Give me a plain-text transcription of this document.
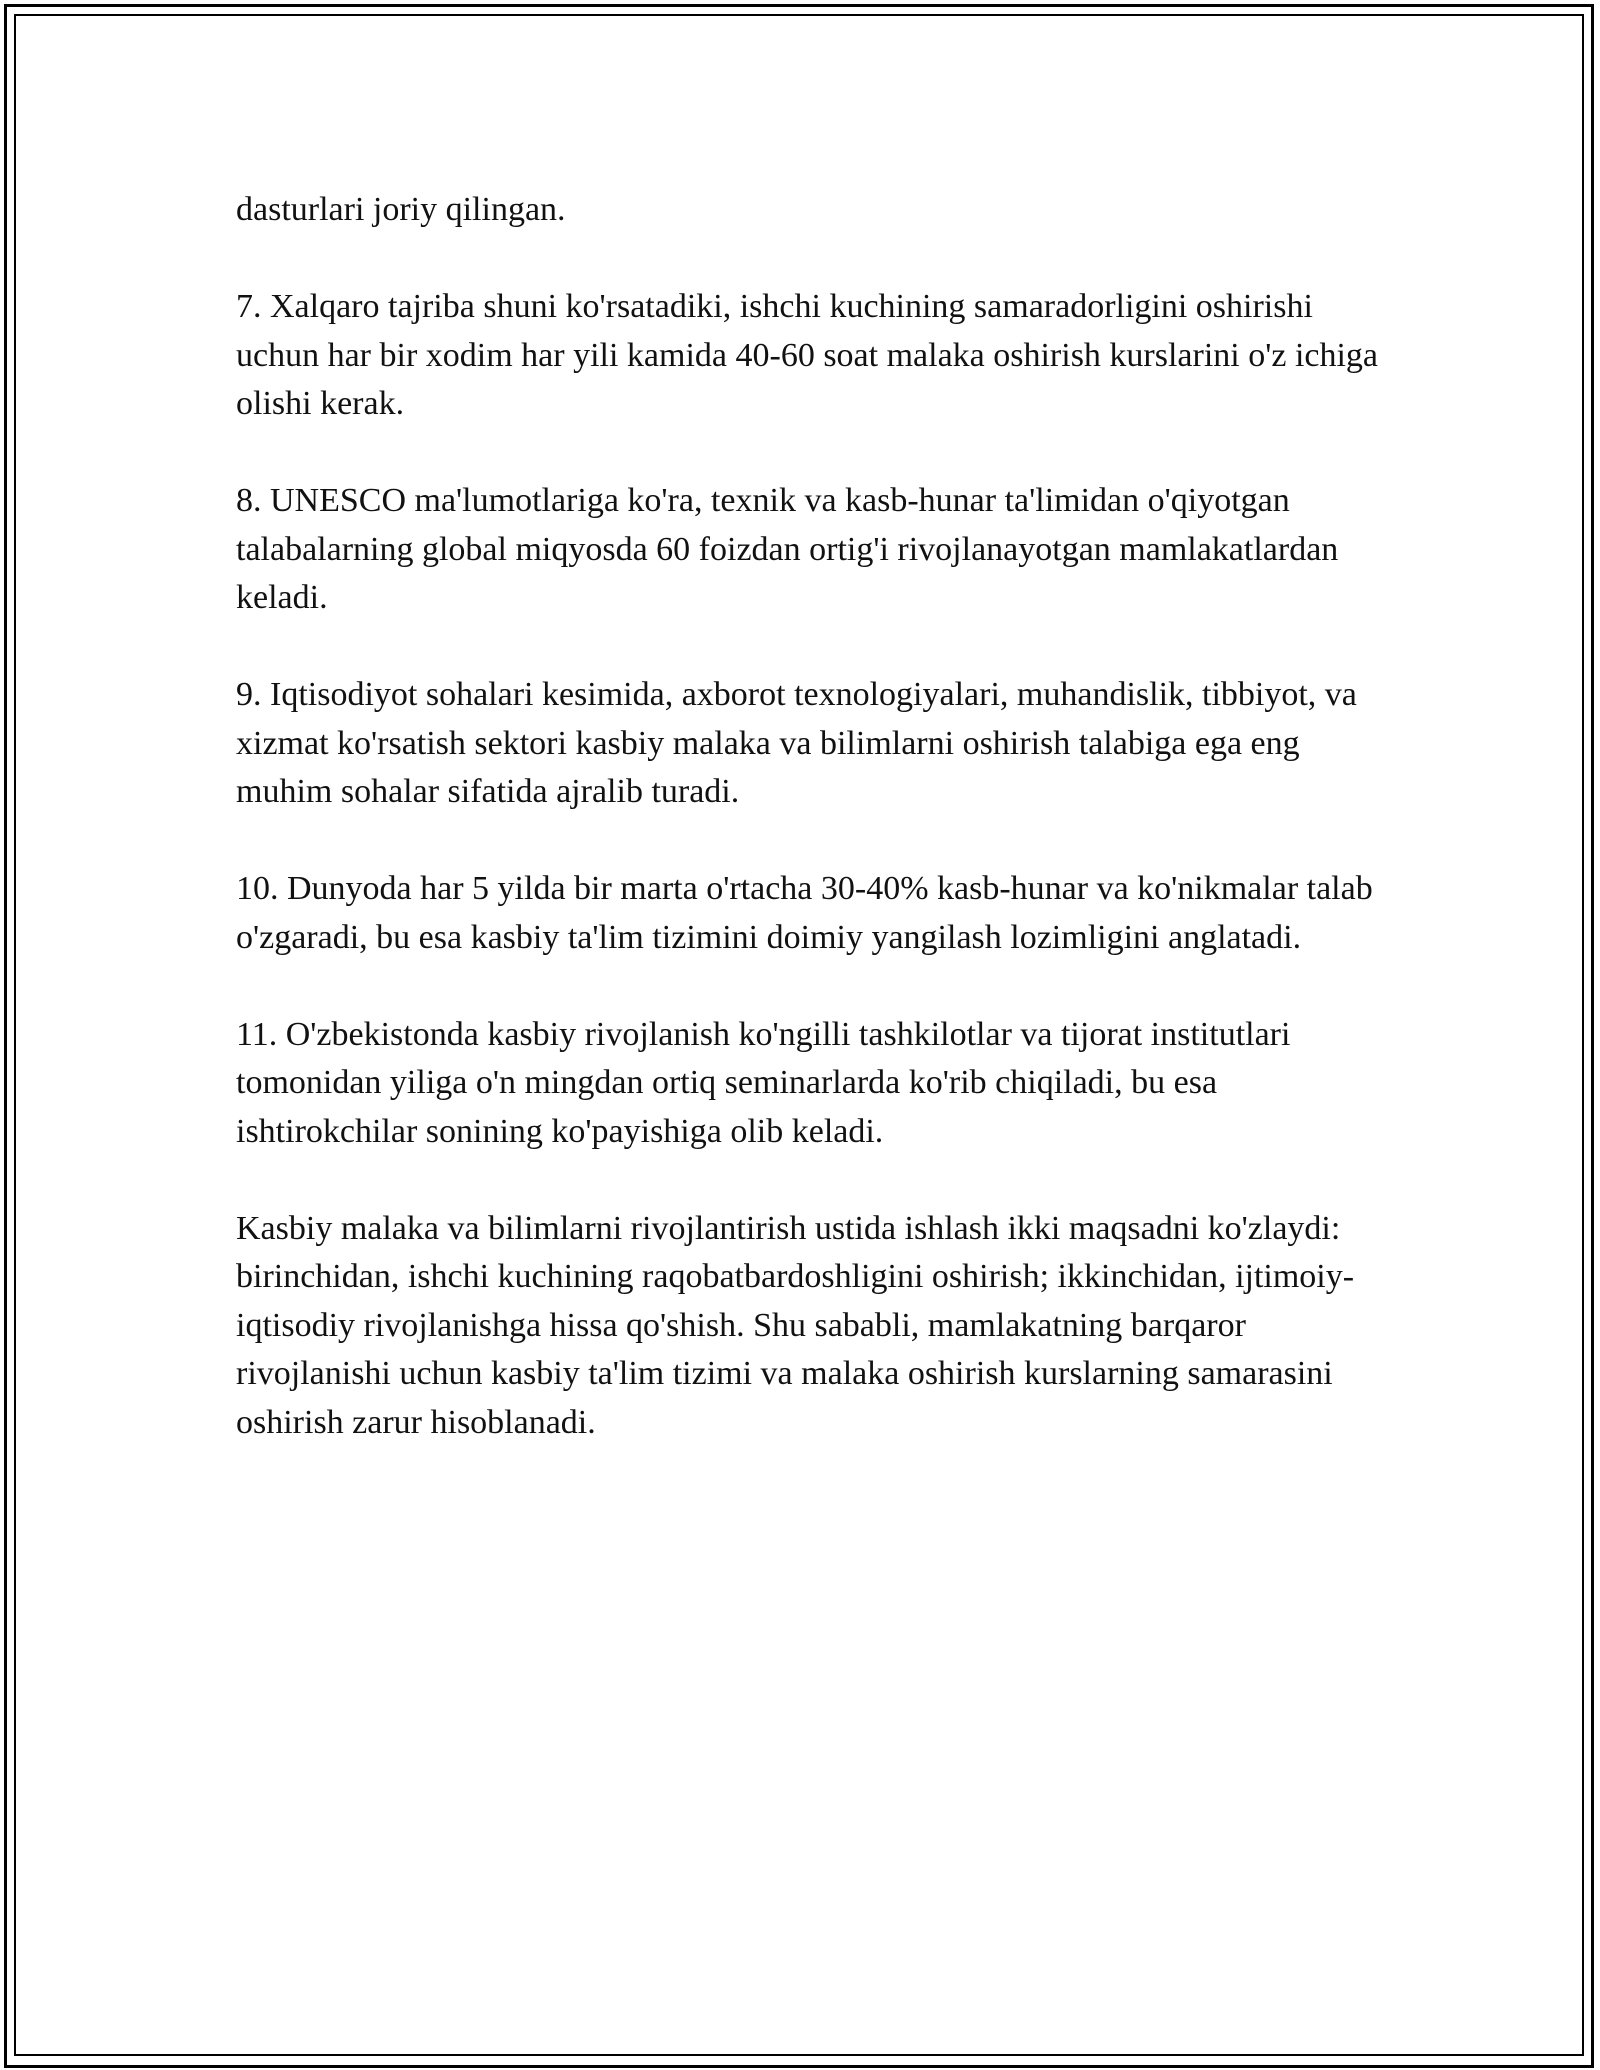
dasturlari joriy qilingan.

7. Xalqaro tajriba shuni ko'rsatadiki, ishchi kuchining samaradorligini oshirishi uchun har bir xodim har yili kamida 40-60 soat malaka oshirish kurslarini o'z ichiga olishi kerak.

8. UNESCO ma'lumotlariga ko'ra, texnik va kasb-hunar ta'limidan o'qiyotgan talabalarning global miqyosda 60 foizdan ortig'i rivojlanayotgan mamlakatlardan keladi.

9. Iqtisodiyot sohalari kesimida, axborot texnologiyalari, muhandislik, tibbiyot, va xizmat ko'rsatish sektori kasbiy malaka va bilimlarni oshirish talabiga ega eng muhim sohalar sifatida ajralib turadi.

10. Dunyoda har 5 yilda bir marta o'rtacha 30-40% kasb-hunar va ko'nikmalar talab o'zgaradi, bu esa kasbiy ta'lim tizimini doimiy yangilash lozimligini anglatadi.

11. O'zbekistonda kasbiy rivojlanish ko'ngilli tashkilotlar va tijorat institutlari tomonidan yiliga o'n mingdan ortiq seminarlarda ko'rib chiqiladi, bu esa ishtirokchilar sonining ko'payishiga olib keladi.

Kasbiy malaka va bilimlarni rivojlantirish ustida ishlash ikki maqsadni ko'zlaydi: birinchidan, ishchi kuchining raqobatbardoshligini oshirish; ikkinchidan, ijtimoiy-iqtisodiy rivojlanishga hissa qo'shish. Shu sababli, mamlakatning barqaror rivojlanishi uchun kasbiy ta'lim tizimi va malaka oshirish kurslarning samarasini oshirish zarur hisoblanadi.
